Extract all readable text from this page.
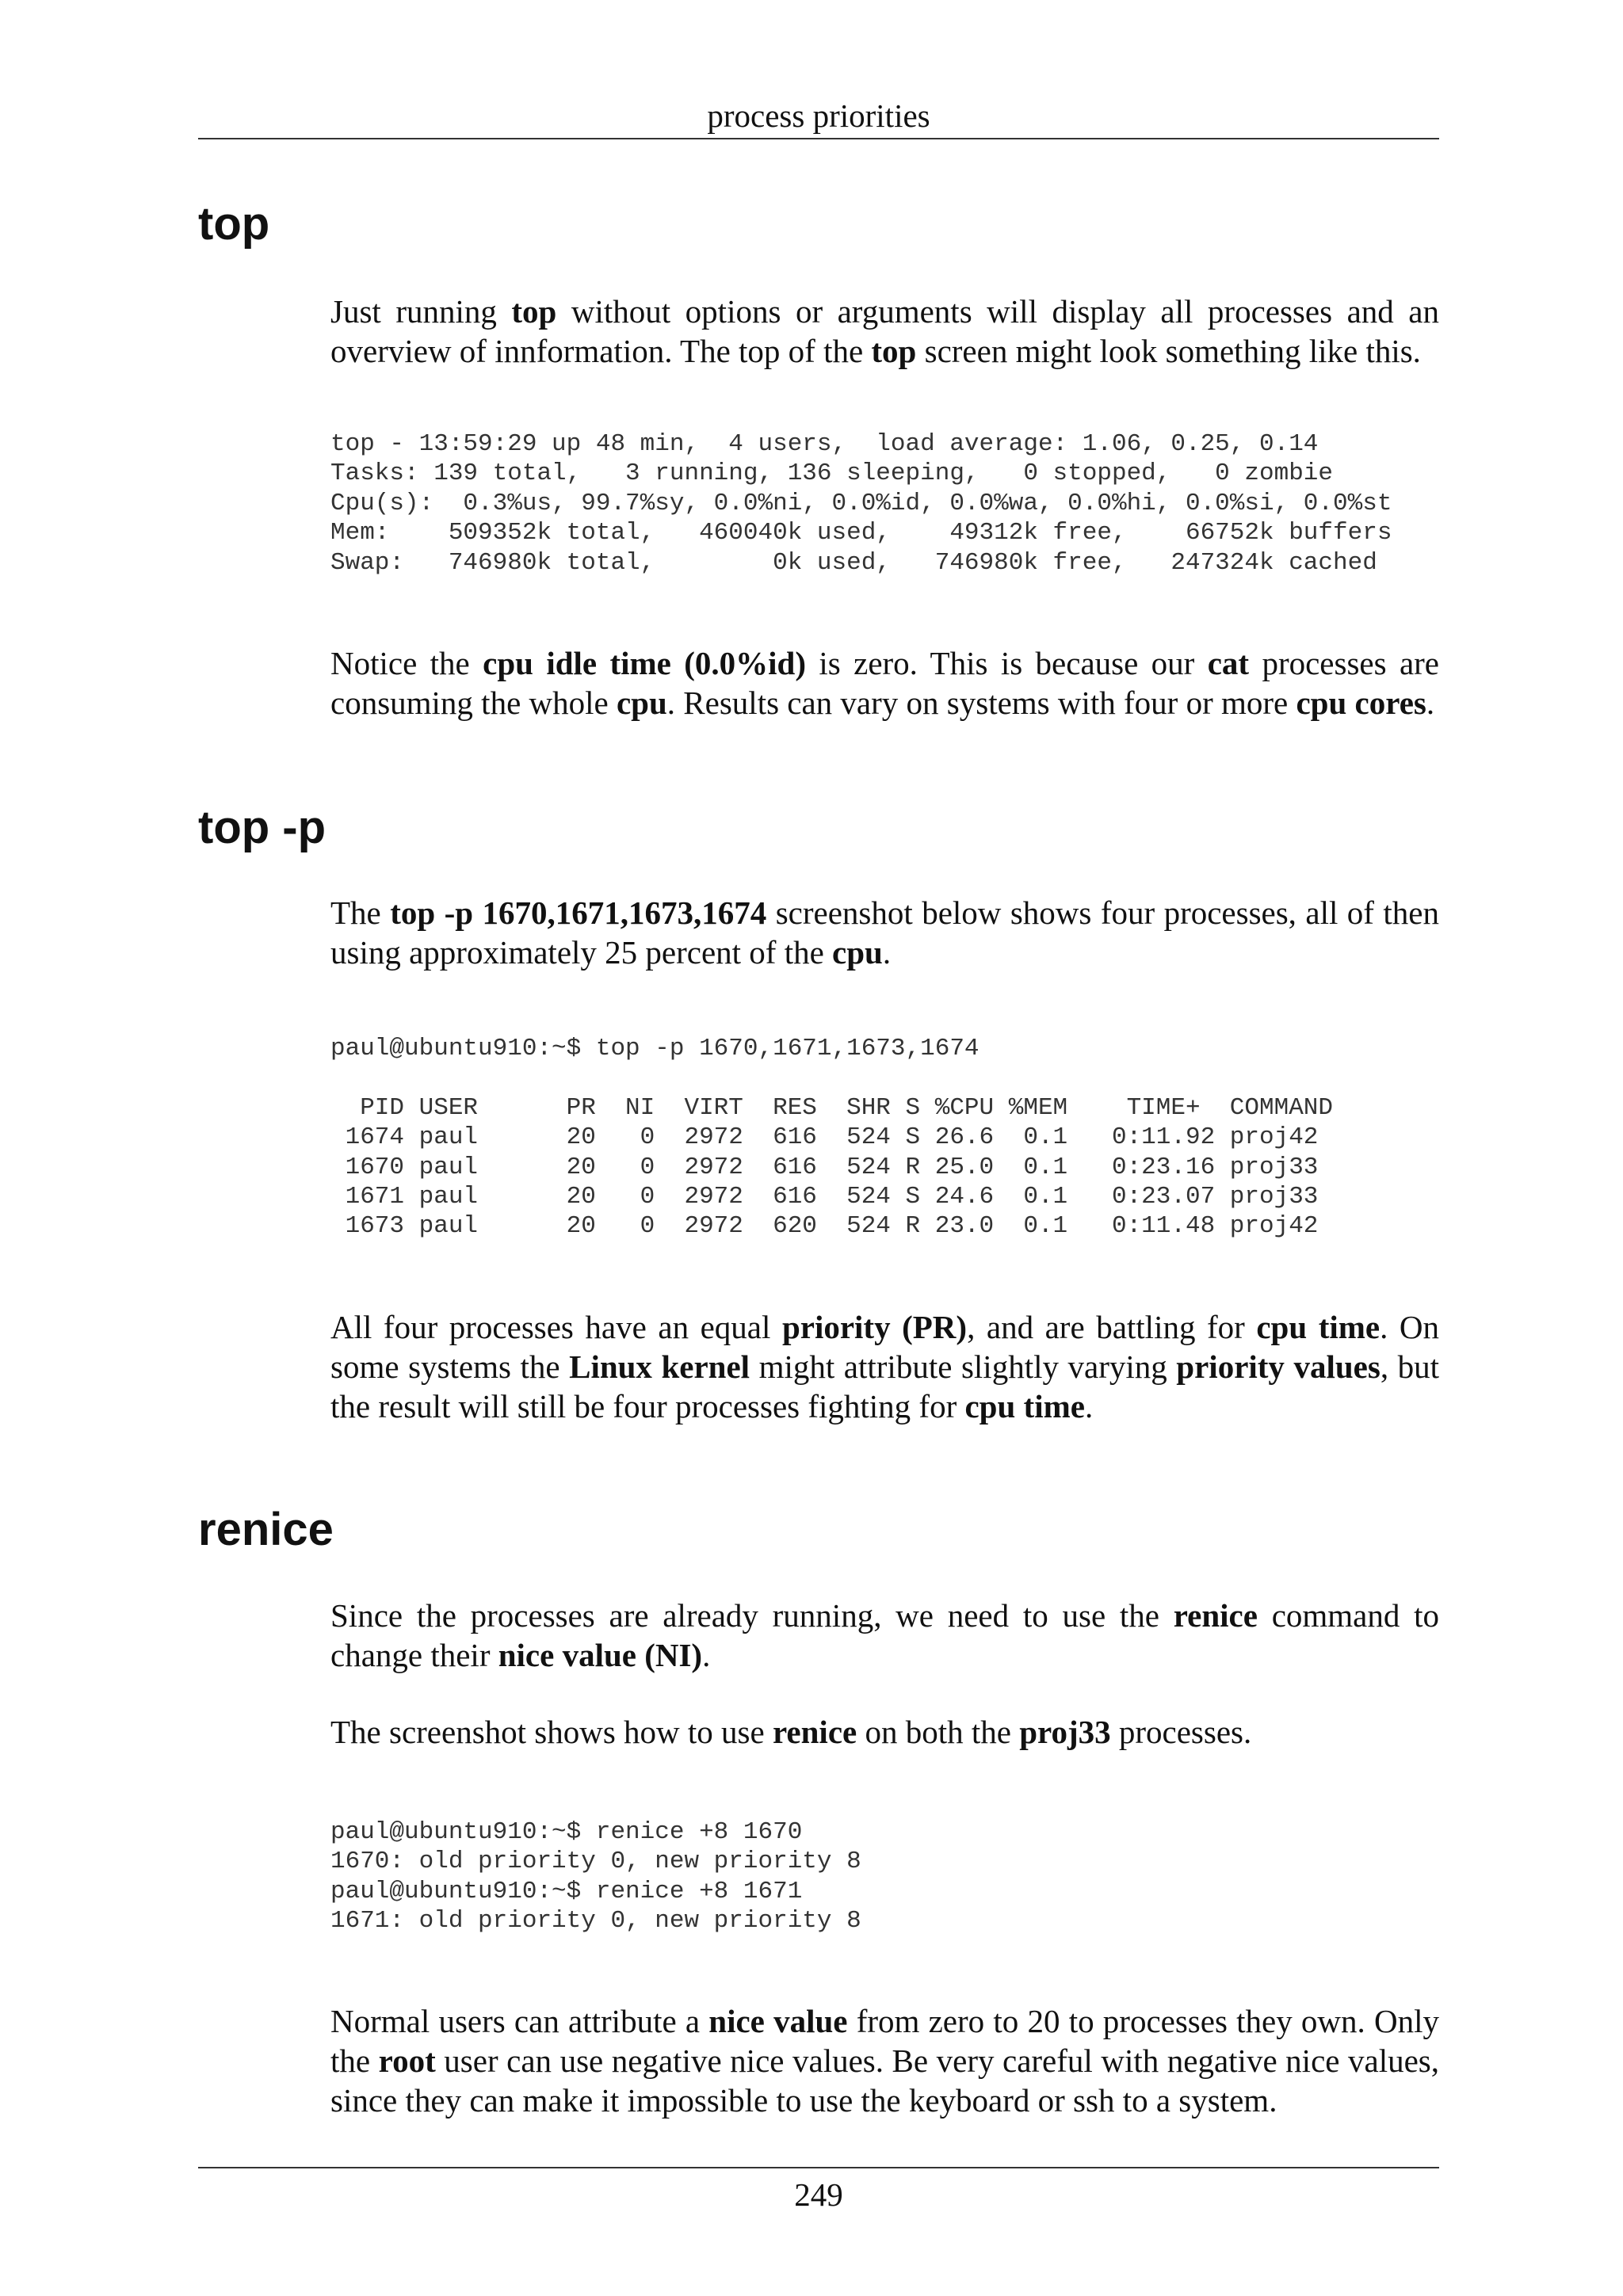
process priorities
top

Just running top without options or arguments will display all processes and an overview of innformation. The top of the top screen might look something like this.

top - 13:59:29 up 48 min,  4 users,  load average: 1.06, 0.25, 0.14
Tasks: 139 total,   3 running, 136 sleeping,   0 stopped,   0 zombie
Cpu(s):  0.3%us, 99.7%sy, 0.0%ni, 0.0%id, 0.0%wa, 0.0%hi, 0.0%si, 0.0%st
Mem:    509352k total,   460040k used,    49312k free,    66752k buffers
Swap:   746980k total,        0k used,   746980k free,   247324k cached

Notice the cpu idle time (0.0%id) is zero. This is because our cat processes are consuming the whole cpu. Results can vary on systems with four or more cpu cores.

top -p

The top -p 1670,1671,1673,1674 screenshot below shows four processes, all of then using approximately 25 percent of the cpu.

paul@ubuntu910:~$ top -p 1670,1671,1673,1674

PID USER      PR  NI  VIRT  RES  SHR S %CPU %MEM    TIME+  COMMAND
1674 paul      20   0  2972  616  524 S 26.6  0.1   0:11.92 proj42
1670 paul      20   0  2972  616  524 R 25.0  0.1   0:23.16 proj33
1671 paul      20   0  2972  616  524 S 24.6  0.1   0:23.07 proj33
1673 paul      20   0  2972  620  524 R 23.0  0.1   0:11.48 proj42

All four processes have an equal priority (PR), and are battling for cpu time. On some systems the Linux kernel might attribute slightly varying priority values, but the result will still be four processes fighting for cpu time.

renice

Since the processes are already running, we need to use the renice command to change their nice value (NI).

The screenshot shows how to use renice on both the proj33 processes.

paul@ubuntu910:~$ renice +8 1670
1670: old priority 0, new priority 8
paul@ubuntu910:~$ renice +8 1671
1671: old priority 0, new priority 8

Normal users can attribute a nice value from zero to 20 to processes they own. Only the root user can use negative nice values. Be very careful with negative nice values, since they can make it impossible to use the keyboard or ssh to a system.

249
